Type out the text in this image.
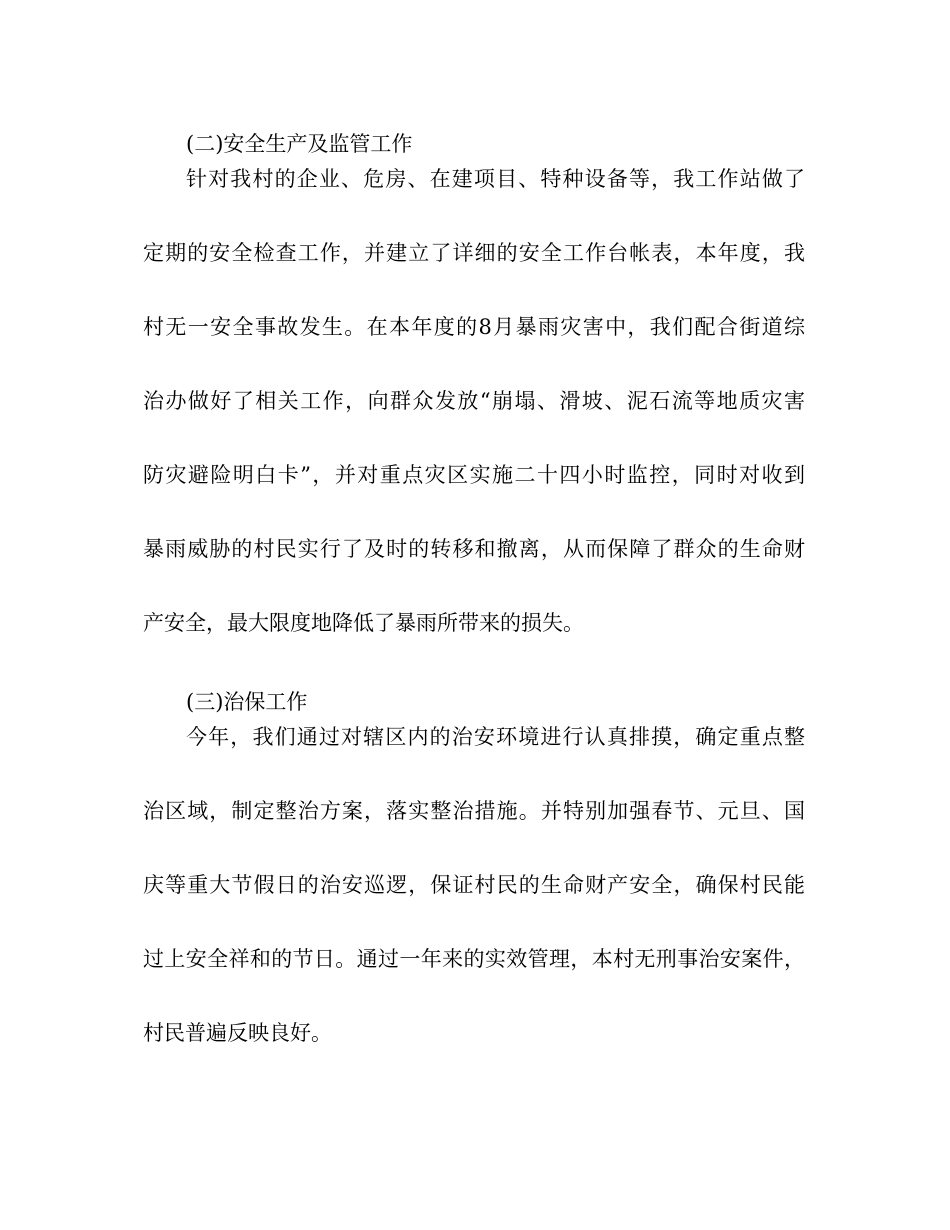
(二)安全生产及监管工作
针对我村的企业、危房、在建项目、特种设备等，我工作站做了
定期的安全检查工作，并建立了详细的安全工作台帐表，本年度，我
村无一安全事故发生。在本年度的8月暴雨灾害中，我们配合街道综
治办做好了相关工作，向群众发放“崩塌、滑坡、泥石流等地质灾害
防灾避险明白卡”，并对重点灾区实施二十四小时监控，同时对收到
暴雨威胁的村民实行了及时的转移和撤离，从而保障了群众的生命财
产安全，最大限度地降低了暴雨所带来的损失。
(三)治保工作
今年，我们通过对辖区内的治安环境进行认真排摸，确定重点整
治区域，制定整治方案，落实整治措施。并特别加强春节、元旦、国
庆等重大节假日的治安巡逻，保证村民的生命财产安全，确保村民能
过上安全祥和的节日。通过一年来的实效管理，本村无刑事治安案件，
村民普遍反映良好。
